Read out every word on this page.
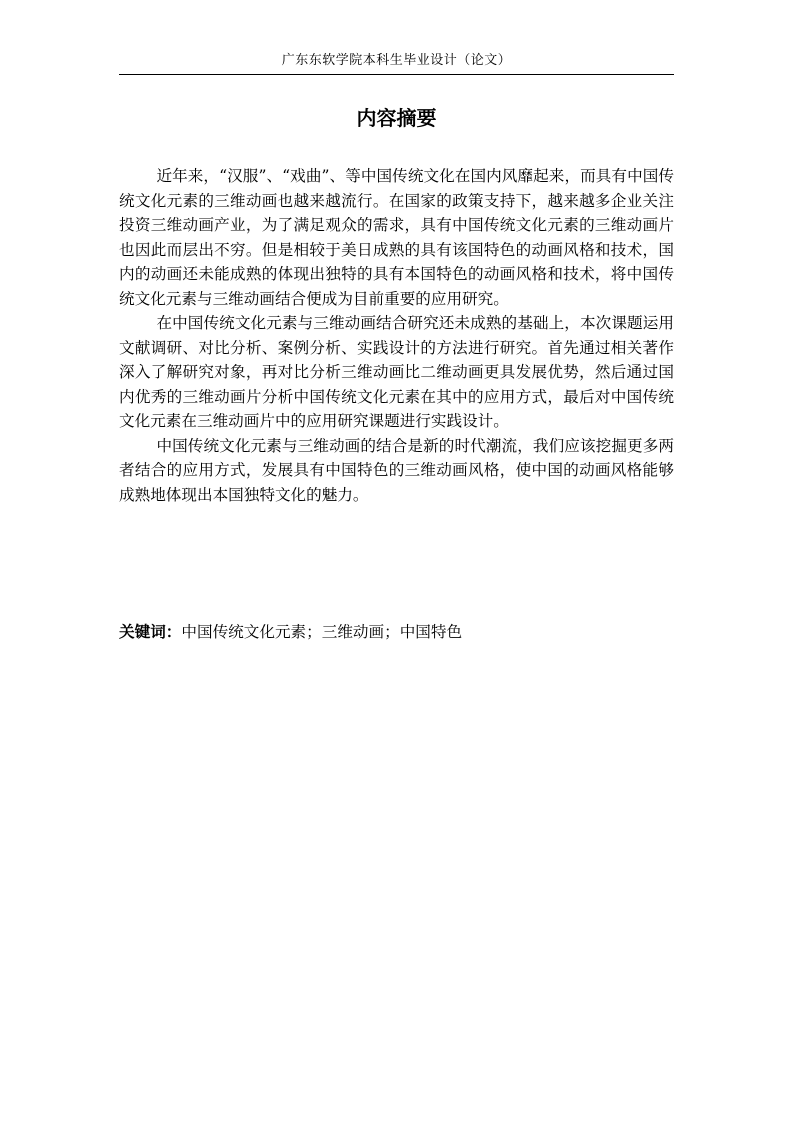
广东东软学院本科生毕业设计（论文）
内容摘要

近年来，“汉服”、“戏曲”、等中国传统文化在国内风靡起来，而具有中国传统文化元素的三维动画也越来越流行。在国家的政策支持下，越来越多企业关注投资三维动画产业，为了满足观众的需求，具有中国传统文化元素的三维动画片也因此而层出不穷。但是相较于美日成熟的具有该国特色的动画风格和技术，国内的动画还未能成熟的体现出独特的具有本国特色的动画风格和技术，将中国传统文化元素与三维动画结合便成为目前重要的应用研究。

在中国传统文化元素与三维动画结合研究还未成熟的基础上，本次课题运用文献调研、对比分析、案例分析、实践设计的方法进行研究。首先通过相关著作深入了解研究对象，再对比分析三维动画比二维动画更具发展优势，然后通过国内优秀的三维动画片分析中国传统文化元素在其中的应用方式，最后对中国传统文化元素在三维动画片中的应用研究课题进行实践设计。

中国传统文化元素与三维动画的结合是新的时代潮流，我们应该挖掘更多两者结合的应用方式，发展具有中国特色的三维动画风格，使中国的动画风格能够成熟地体现出本国独特文化的魅力。

关键词：中国传统文化元素；三维动画；中国特色
